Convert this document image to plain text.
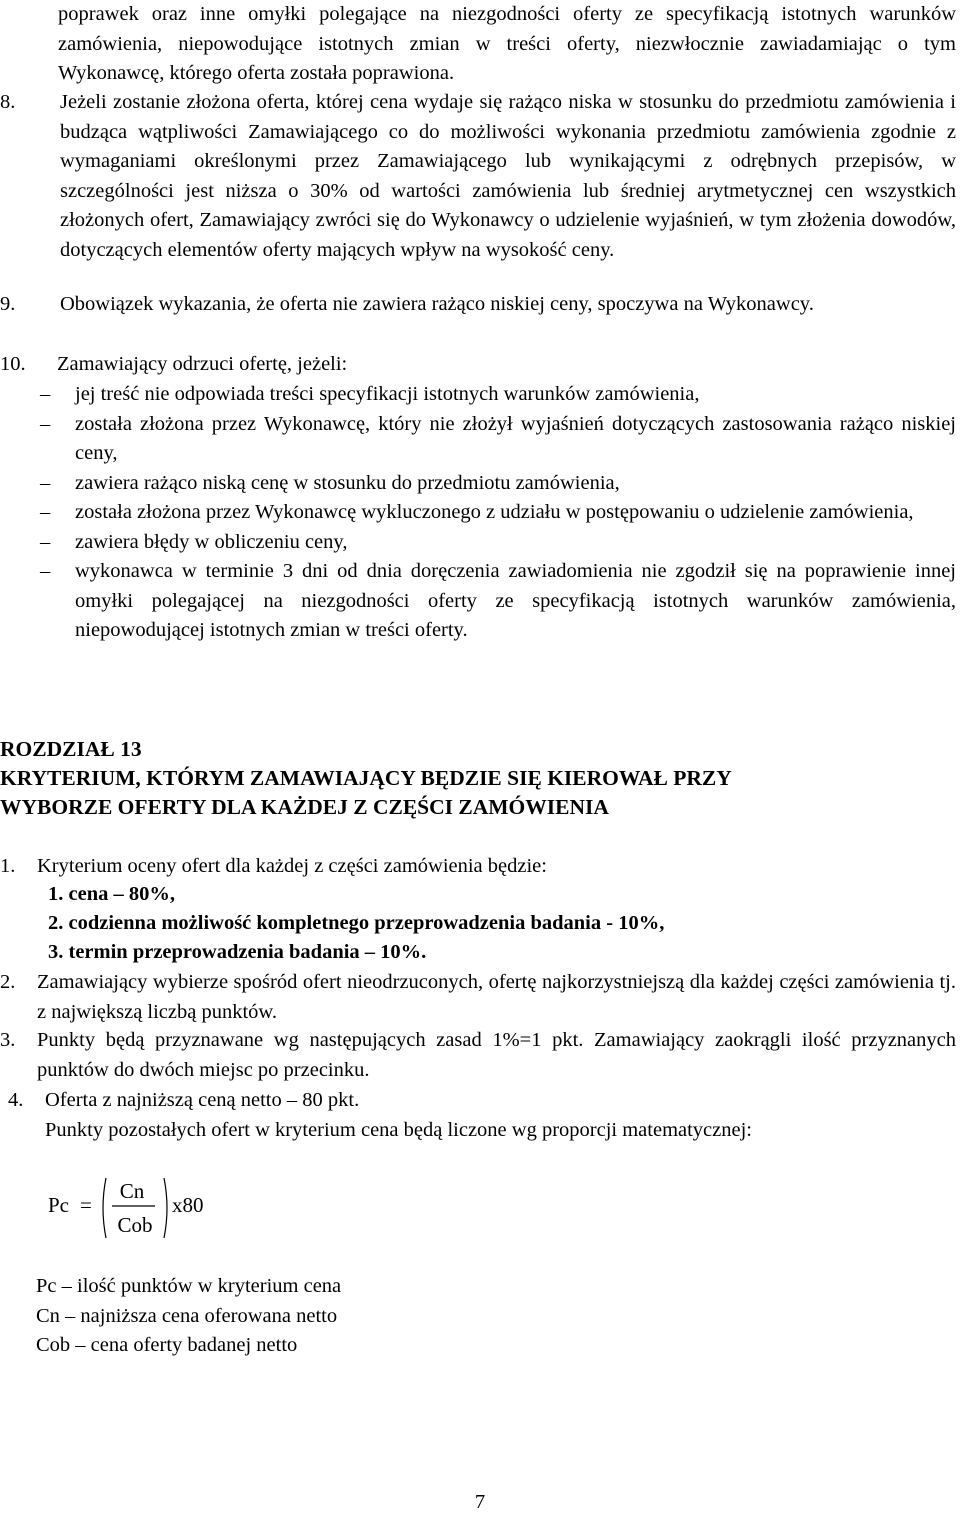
poprawek oraz inne omyłki polegające na niezgodności oferty ze specyfikacją istotnych warunków zamówienia, niepowodujące istotnych zmian w treści oferty, niezwłocznie zawiadamiając o tym Wykonawcę, którego oferta została poprawiona.
8. Jeżeli zostanie złożona oferta, której cena wydaje się rażąco niska w stosunku do przedmiotu zamówienia i budząca wątpliwości Zamawiającego co do możliwości wykonania przedmiotu zamówienia zgodnie z wymaganiami określonymi przez Zamawiającego lub wynikającymi z odrębnych przepisów, w szczególności jest niższa o 30% od wartości zamówienia lub średniej arytmetycznej cen wszystkich złożonych ofert, Zamawiający zwróci się do Wykonawcy o udzielenie wyjaśnień, w tym złożenia dowodów, dotyczących elementów oferty mających wpływ na wysokość ceny.
9. Obowiązek wykazania, że oferta nie zawiera rażąco niskiej ceny, spoczywa na Wykonawcy.
10. Zamawiający odrzuci ofertę, jeżeli:
–	jej treść nie odpowiada treści specyfikacji istotnych warunków zamówienia,
–	została złożona przez Wykonawcę, który nie złożył wyjaśnień dotyczących zastosowania rażąco niskiej ceny,
–	zawiera rażąco niską cenę w stosunku do przedmiotu zamówienia,
–	została złożona przez Wykonawcę wykluczonego z udziału w postępowaniu o udzielenie zamówienia,
–	zawiera błędy w obliczeniu ceny,
–	wykonawca w terminie 3 dni od dnia doręczenia zawiadomienia nie zgodził się na poprawienie innej omyłki polegającej na niezgodności oferty ze specyfikacją istotnych warunków zamówienia, niepowodującej istotnych zmian w treści oferty.
ROZDZIAŁ 13
KRYTERIUM, KTÓRYM ZAMAWIAJĄCY BĘDZIE SIĘ KIEROWAŁ PRZY
WYBORZE OFERTY DLA KAŻDEJ Z CZĘŚCI ZAMÓWIENIA
1. Kryterium oceny ofert dla każdej z części zamówienia będzie:
1. cena – 80%,
2. codzienna możliwość kompletnego przeprowadzenia badania - 10%,
3. termin przeprowadzenia badania – 10%.
2. Zamawiający wybierze spośród ofert nieodrzuconych, ofertę najkorzystniejszą dla każdej części zamówienia tj. z największą liczbą punktów.
3. Punkty będą przyznawane wg następujących zasad 1%=1 pkt. Zamawiający zaokrągli ilość przyznanych punktów do dwóch miejsc po przecinku.
4. Oferta z najniższą ceną netto – 80 pkt.
Punkty pozostałych ofert w kryterium cena będą liczone wg proporcji matematycznej:
Pc =
Cn
Cob
x80
Pc – ilość punktów w kryterium cena
Cn – najniższa cena oferowana netto
Cob – cena oferty badanej netto
7
